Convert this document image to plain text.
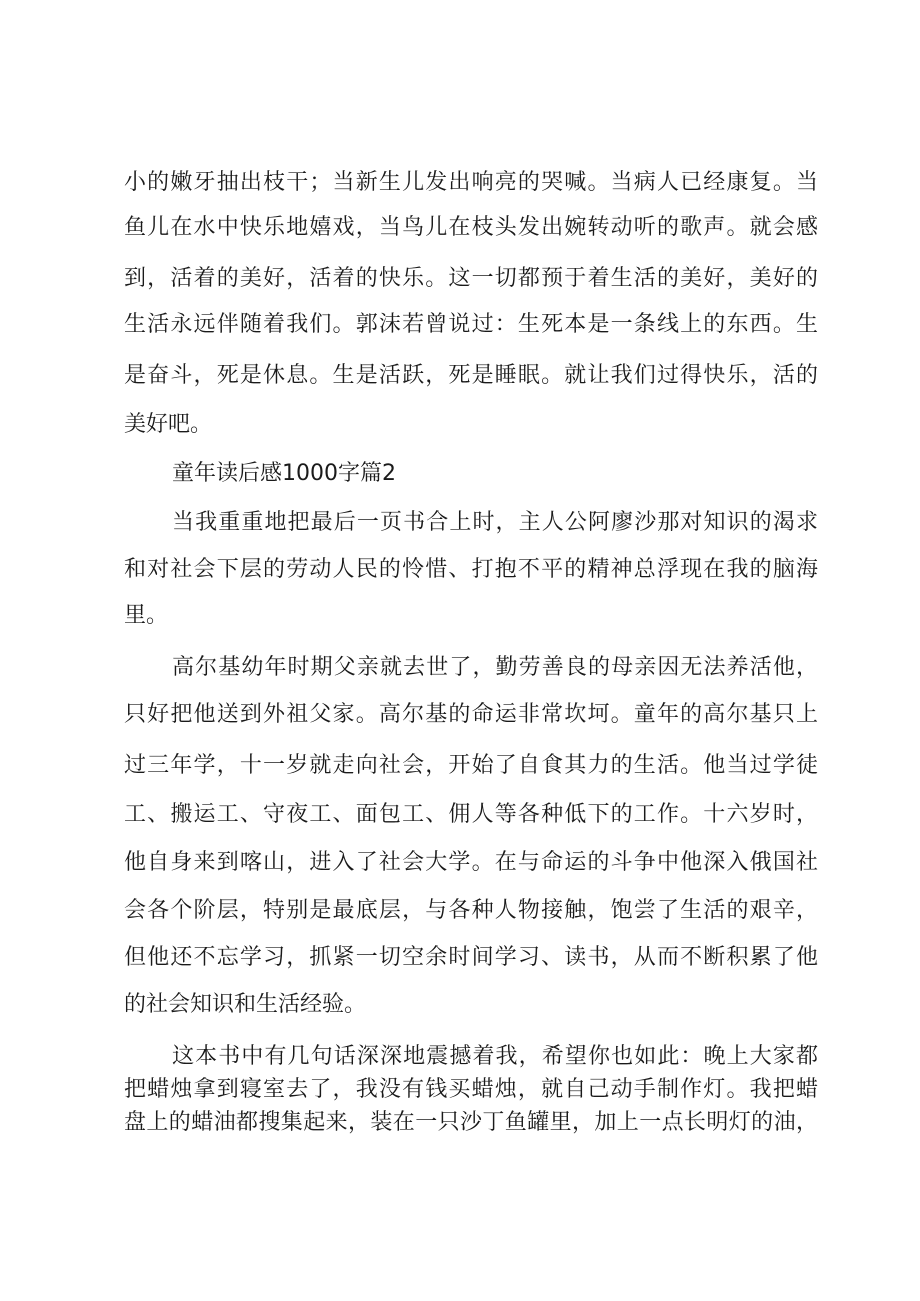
小的嫩牙抽出枝干；当新生儿发出响亮的哭喊。当病人已经康复。当
鱼儿在水中快乐地嬉戏，当鸟儿在枝头发出婉转动听的歌声。就会感
到，活着的美好，活着的快乐。这一切都预于着生活的美好，美好的
生活永远伴随着我们。郭沫若曾说过：生死本是一条线上的东西。生
是奋斗，死是休息。生是活跃，死是睡眠。就让我们过得快乐，活的
美好吧。
童年读后感1000字篇2
当我重重地把最后一页书合上时，主人公阿廖沙那对知识的渴求
和对社会下层的劳动人民的怜惜、打抱不平的精神总浮现在我的脑海
里。
高尔基幼年时期父亲就去世了，勤劳善良的母亲因无法养活他，
只好把他送到外祖父家。高尔基的命运非常坎坷。童年的高尔基只上
过三年学，十一岁就走向社会，开始了自食其力的生活。他当过学徒
工、搬运工、守夜工、面包工、佣人等各种低下的工作。十六岁时，
他自身来到喀山，进入了社会大学。在与命运的斗争中他深入俄国社
会各个阶层，特别是最底层，与各种人物接触，饱尝了生活的艰辛，
但他还不忘学习，抓紧一切空余时间学习、读书，从而不断积累了他
的社会知识和生活经验。
这本书中有几句话深深地震撼着我，希望你也如此：晚上大家都
把蜡烛拿到寝室去了，我没有钱买蜡烛，就自己动手制作灯。我把蜡
盘上的蜡油都搜集起来，装在一只沙丁鱼罐里，加上一点长明灯的油，
